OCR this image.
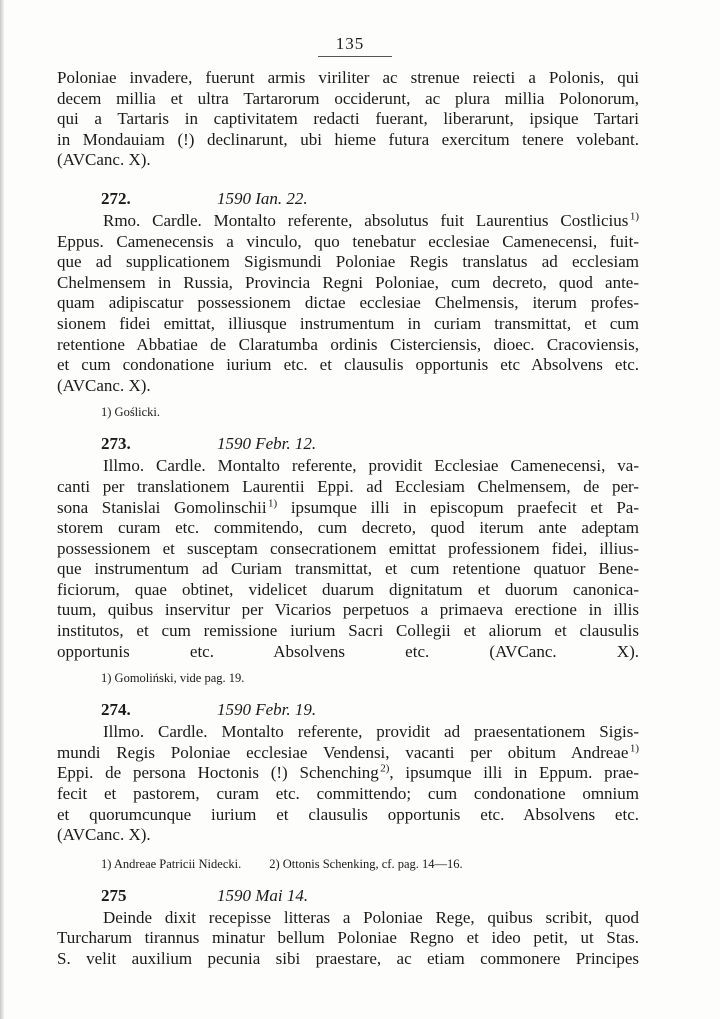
135
Poloniae invadere, fuerunt armis viriliter ac strenue reiecti a Polonis, qui
decem millia et ultra Tartarorum occiderunt, ac plura millia Polonorum,
qui a Tartaris in captivitatem redacti fuerant, liberarunt, ipsique Tartari
in Mondauiam (!) declinarunt, ubi hieme futura exercitum tenere volebant.
(AVCanc. X).
272.	1590 Ian. 22.
Rmo. Cardle. Montalto referente, absolutus fuit Laurentius Costlicius $^{1)}$
Eppus. Camenecensis a vinculo, quo tenebatur ecclesiae Camenecensi, fuit-
que ad supplicationem Sigismundi Poloniae Regis translatus ad ecclesiam
Chelmensem in Russia, Provincia Regni Poloniae, cum decreto, quod ante-
quam adipiscatur possessionem dictae ecclesiae Chelmensis, iterum profes-
sionem fidei emittat, illiusque instrumentum in curiam transmittat, et cum
retentione Abbatiae de Claratumba ordinis Cisterciensis, dioec. Cracoviensis,
et cum condonatione iurium etc. et clausulis opportunis etc Absolvens etc.
(AVCanc. X).

1) Goślicki.

273.	1590 Febr. 12.
Illmo. Cardle. Montalto referente, providit Ecclesiae Camenecensi, va-
canti per translationem Laurentii Eppi. ad Ecclesiam Chelmensem, de per-
sona Stanislai Gomolinschii $^{1)}$ ipsumque illi in episcopum praefecit et Pa-
storem curam etc. commitendo, cum decreto, quod iterum ante adeptam
possessionem et susceptam consecrationem emittat professionem fidei, illius-
que instrumentum ad Curiam transmittat, et cum retentione quatuor Bene-
ficiorum, quae obtinet, videlicet duarum dignitatum et duorum canonica-
tuum, quibus inservitur per Vicarios perpetuos a primaeva erectione in illis
institutos, et cum remissione iurium Sacri Collegii et aliorum et clausulis
opportunis etc. Absolvens etc. (AVCanc. X).

1) Gomoliński, vide pag. 19.

274.	1590 Febr. 19.
Illmo. Cardle. Montalto referente, providit ad praesentationem Sigis-
mundi Regis Poloniae ecclesiae Vendensi, vacanti per obitum Andreae $^{1)}$
Eppi. de persona Hoctonis (!) Schenching $^{2)}$, ipsumque illi in Eppum. prae-
fecit et pastorem, curam etc. committendo; cum condonatione omnium
et quorumcunque iurium et clausulis opportunis etc. Absolvens etc.
(AVCanc. X).

1) Andreae Patricii Nidecki. 2) Ottonis Schenking, cf. pag. 14—16.

275	1590 Mai 14.
Deinde dixit recepisse litteras a Poloniae Rege, quibus scribit, quod
Turcharum tirannus minatur bellum Poloniae Regno et ideo petit, ut Stas.
S. velit auxilium pecunia sibi praestare, ac etiam commonere Principes
